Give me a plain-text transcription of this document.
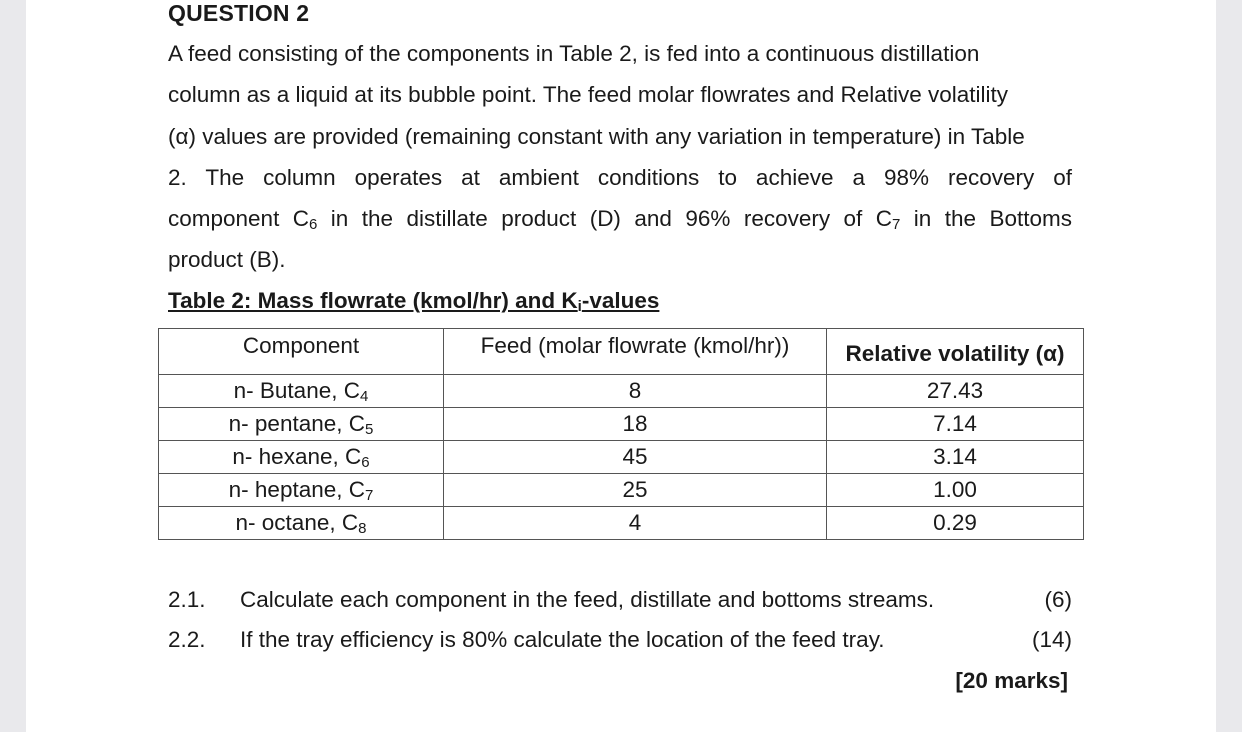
QUESTION 2
A feed consisting of the components in Table 2, is fed into a continuous distillation
column as a liquid at its bubble point. The feed molar flowrates and Relative volatility
(α) values are provided (remaining constant with any variation in temperature) in Table
2. The column operates at ambient conditions to achieve a 98% recovery of
component $C_6$ in the distillate product (D) and 96% recovery of $C_7$ in the Bottoms
product (B).
Table 2: Mass flowrate (kmol/hr) and $K_i$-values
Component	Feed (molar flowrate (kmol/hr))	Relative volatility (α)
n- Butane, $C_4$	8	27.43
n- pentane, $C_5$	18	7.14
n- hexane, $C_6$	45	3.14
n- heptane, $C_7$	25	1.00
n- octane, $C_8$	4	0.29
2.1. Calculate each component in the feed, distillate and bottoms streams.	(6)
2.2. If the tray efficiency is 80% calculate the location of the feed tray.	(14)
[20 marks]
